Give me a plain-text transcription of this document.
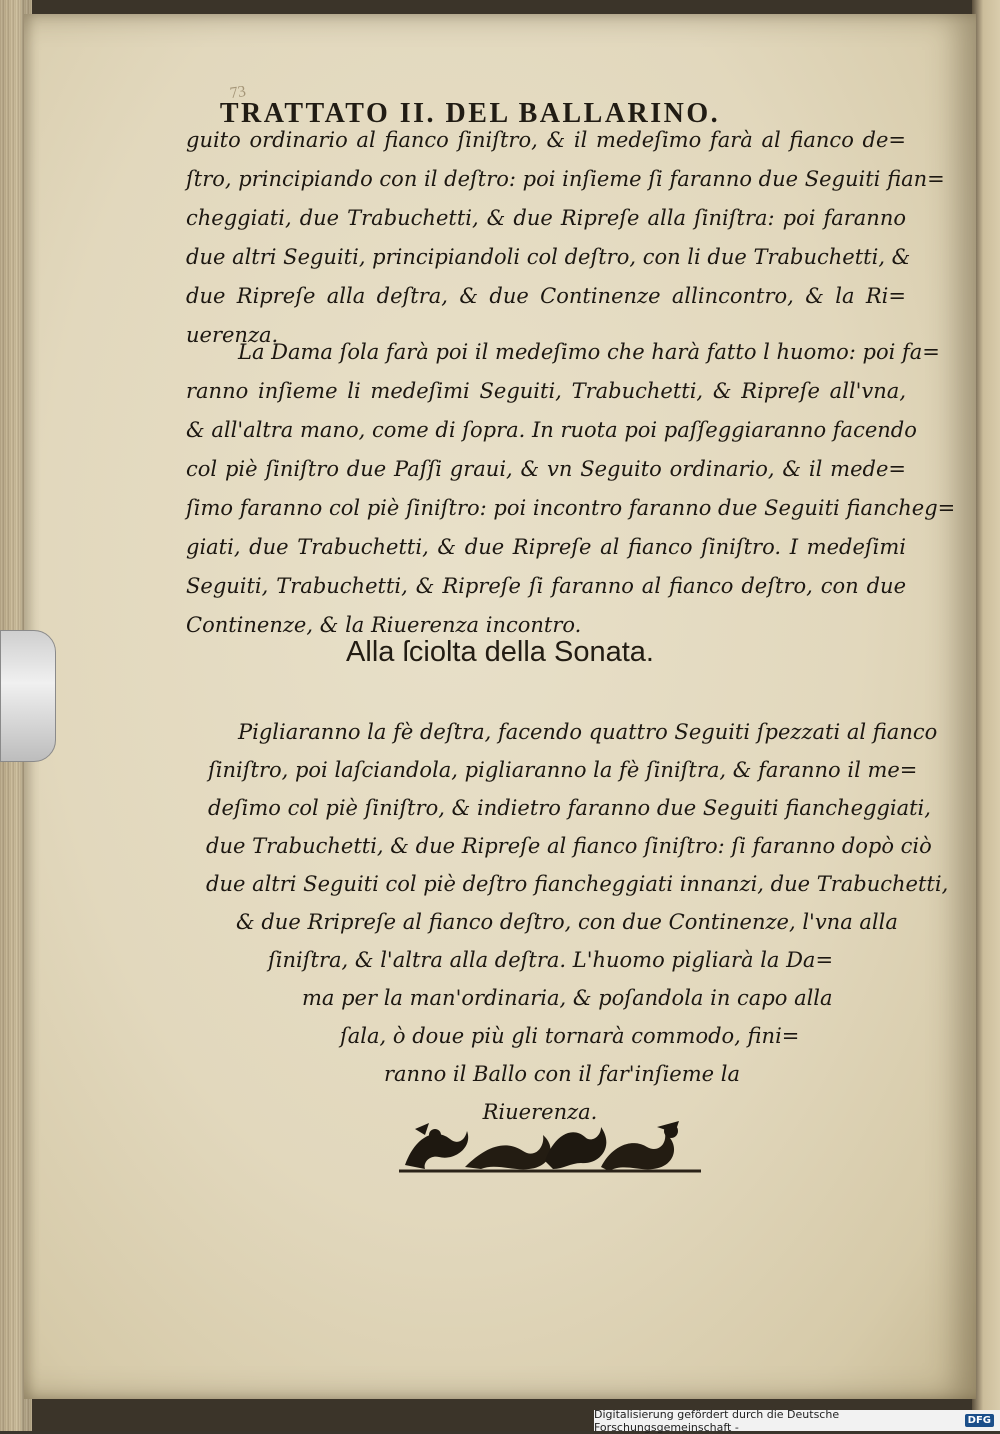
73
TRATTATO II. DEL BALLARINO.
guito ordinario al fianco ſiniſtro, & il medeſimo farà al fianco de=
ſtro, principiando con il deſtro: poi inſieme ſi faranno due Seguiti fian=
cheggiati, due Trabuchetti, & due Ripreſe alla ſiniſtra: poi faranno
due altri Seguiti, principiandoli col deſtro, con li due Trabuchetti, &
due Ripreſe alla deſtra, & due Continenze allincontro, & la Ri=
uerenza.
La Dama ſola farà poi il medeſimo che harà fatto l huomo: poi fa=
ranno inſieme li medeſimi Seguiti, Trabuchetti, & Ripreſe all'vna,
& all'altra mano, come di ſopra. In ruota poi paſſeggiaranno facendo
col piè ſiniſtro due Paſſi graui, & vn Seguito ordinario, & il mede=
ſimo faranno col piè ſiniſtro: poi incontro faranno due Seguiti fiancheg=
giati, due Trabuchetti, & due Ripreſe al fianco ſiniſtro. I medeſimi
Seguiti, Trabuchetti, & Ripreſe ſi faranno al fianco deſtro, con due
Continenze, & la Riuerenza incontro.
Alla ſciolta della Sonata.
Pigliaranno la fè deſtra, facendo quattro Seguiti ſpezzati al fianco
ſiniſtro, poi laſciandola, pigliaranno la fè ſiniſtra, & faranno il me=
deſimo col piè ſiniſtro, & indietro faranno due Seguiti fiancheggiati,
due Trabuchetti, & due Ripreſe al fianco ſiniſtro: ſi faranno dopò ciò
due altri Seguiti col piè deſtro fiancheggiati innanzi, due Trabuchetti,
& due Rripreſe al fianco deſtro, con due Continenze, l'vna alla
ſiniſtra, & l'altra alla deſtra. L'huomo pigliarà la Da=
ma per la man'ordinaria, & poſandola in capo alla
ſala, ò doue più gli tornarà commodo, fini=
ranno il Ballo con il far'inſieme la
Riuerenza.
Digitalisierung gefördert durch die Deutsche Forschungsgemeinschaft -	DFG
